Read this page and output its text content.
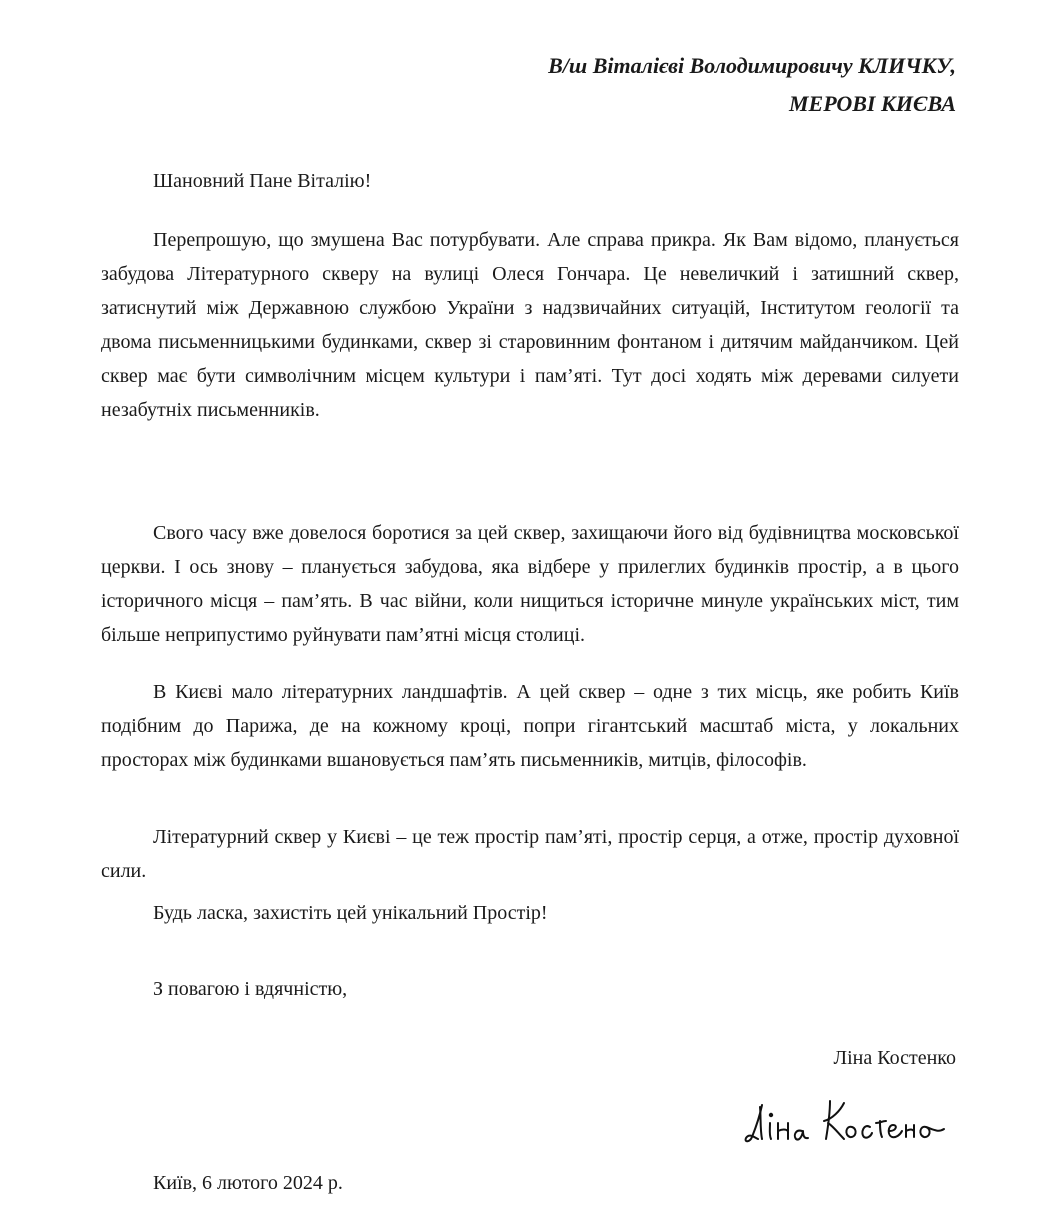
В/ш Віталієві Володимировичу КЛИЧКУ,
МЕРОВІ КИЄВА
Шановний Пане Віталію!

Перепрошую, що змушена Вас потурбувати. Але справа прикра. Як Вам відомо, планується забудова Літературного скверу на вулиці Олеся Гончара. Це невеличкий і затишний сквер, затиснутий між Державною службою України з надзвичайних ситуацій, Інститутом геології та двома письменницькими будинками, сквер зі старовинним фонтаном і дитячим майданчиком. Цей сквер має бути символічним місцем культури і пам’яті. Тут досі ходять між деревами силуети незабутніх письменників.

Свого часу вже довелося боротися за цей сквер, захищаючи його від будівництва московської церкви. І ось знову – планується забудова, яка відбере у прилеглих будинків простір, а в цього історичного місця – пам’ять. В час війни, коли нищиться історичне минуле українських міст, тим більше неприпустимо руйнувати пам’ятні місця столиці.

В Києві мало літературних ландшафтів. А цей сквер – одне з тих місць, яке робить Київ подібним до Парижа, де на кожному кроці, попри гігантський масштаб міста, у локальних просторах між будинками вшановується пам’ять письменників, митців, філософів.

Літературний сквер у Києві – це теж простір пам’яті, простір серця, а отже, простір духовної сили.

Будь ласка, захистіть цей унікальний Простір!

З повагою і вдячністю,
Ліна Костенко
Київ, 6 лютого 2024 р.
